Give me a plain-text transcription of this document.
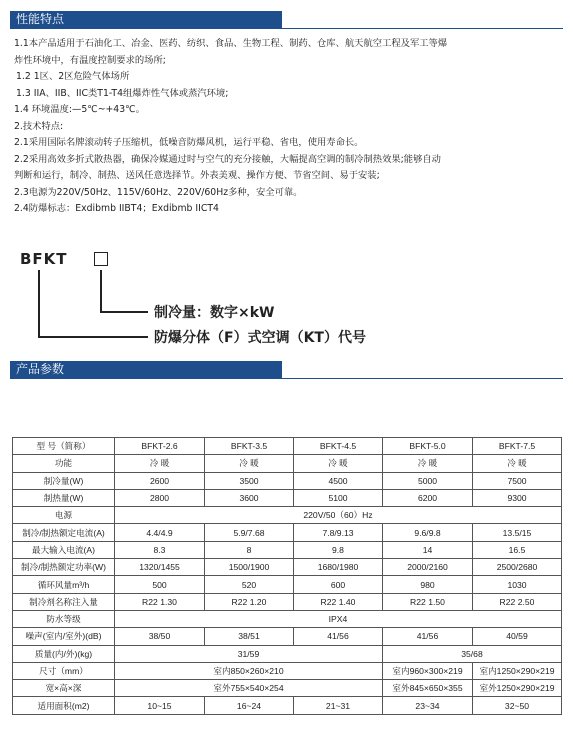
性能特点

1.1本产品适用于石油化工、冶金、医药、纺织、食品、生物工程、制药、仓库、航天航空工程及军工等爆

炸性环境中，有温度控制要求的场所;

1.2 1区、2区危险气体场所

1.3 IIA、IIB、IIC类T1-T4组爆炸性气体或蒸汽环境;

1.4 环境温度:—5℃~+43℃。

2.技术特点:

2.1采用国际名牌滚动转子压缩机，低噪音防爆风机，运行平稳、省电，使用寿命长。

2.2采用高效多折式散热器，确保冷媒通过时与空气的充分接触，大幅提高空调的制冷制热效果;能够自动

判断和运行，制冷、制热、送风任意选择节。外表美观、操作方便、节省空间、易于安装;

2.3电源为220V/50Hz、115V/60Hz、220V/60Hz多种，安全可靠。

2.4防爆标志：Exdibmb IIBT4；Exdibmb IICT4

BFKT
制冷量：数字×kW
防爆分体（F）式空调（KT）代号
产品参数
型 号（简称）	BFKT-2.6	BFKT-3.5	BFKT-4.5	BFKT-5.0	BFKT-7.5
功能	冷 暖	冷 暖	冷 暖	冷 暖	冷 暖
制冷量(W)	2600	3500	4500	5000	7500
制热量(W)	2800	3600	5100	6200	9300
电源	220V/50（60）Hz				
制冷/制热额定电流(A)	4.4/4.9	5.9/7.68	7.8/9.13	9.6/9.8	13.5/15
最大输入电流(A)	8.3	8	9.8	14	16.5
制冷/制热额定功率(W)	1320/1455	1500/1900	1680/1980	2000/2160	2500/2680
循环风量m³/h	500	520	600	980	1030
制冷剂名称注入量	R22 1.30	R22 1.20	R22 1.40	R22 1.50	R22 2.50
防水等级	IPX4				
噪声(室内/室外)(dB)	38/50	38/51	41/56	41/56	40/59
质量(内/外)(kg)	31/59			35/68	
尺寸（mm）	室内850×260×210			室内960×300×219	室内1250×290×219
宽×高×深	室外755×540×254			室外845×650×355	室外1250×290×219
适用面积(m2)	10~15	16~24	21~31	23~34	32~50
